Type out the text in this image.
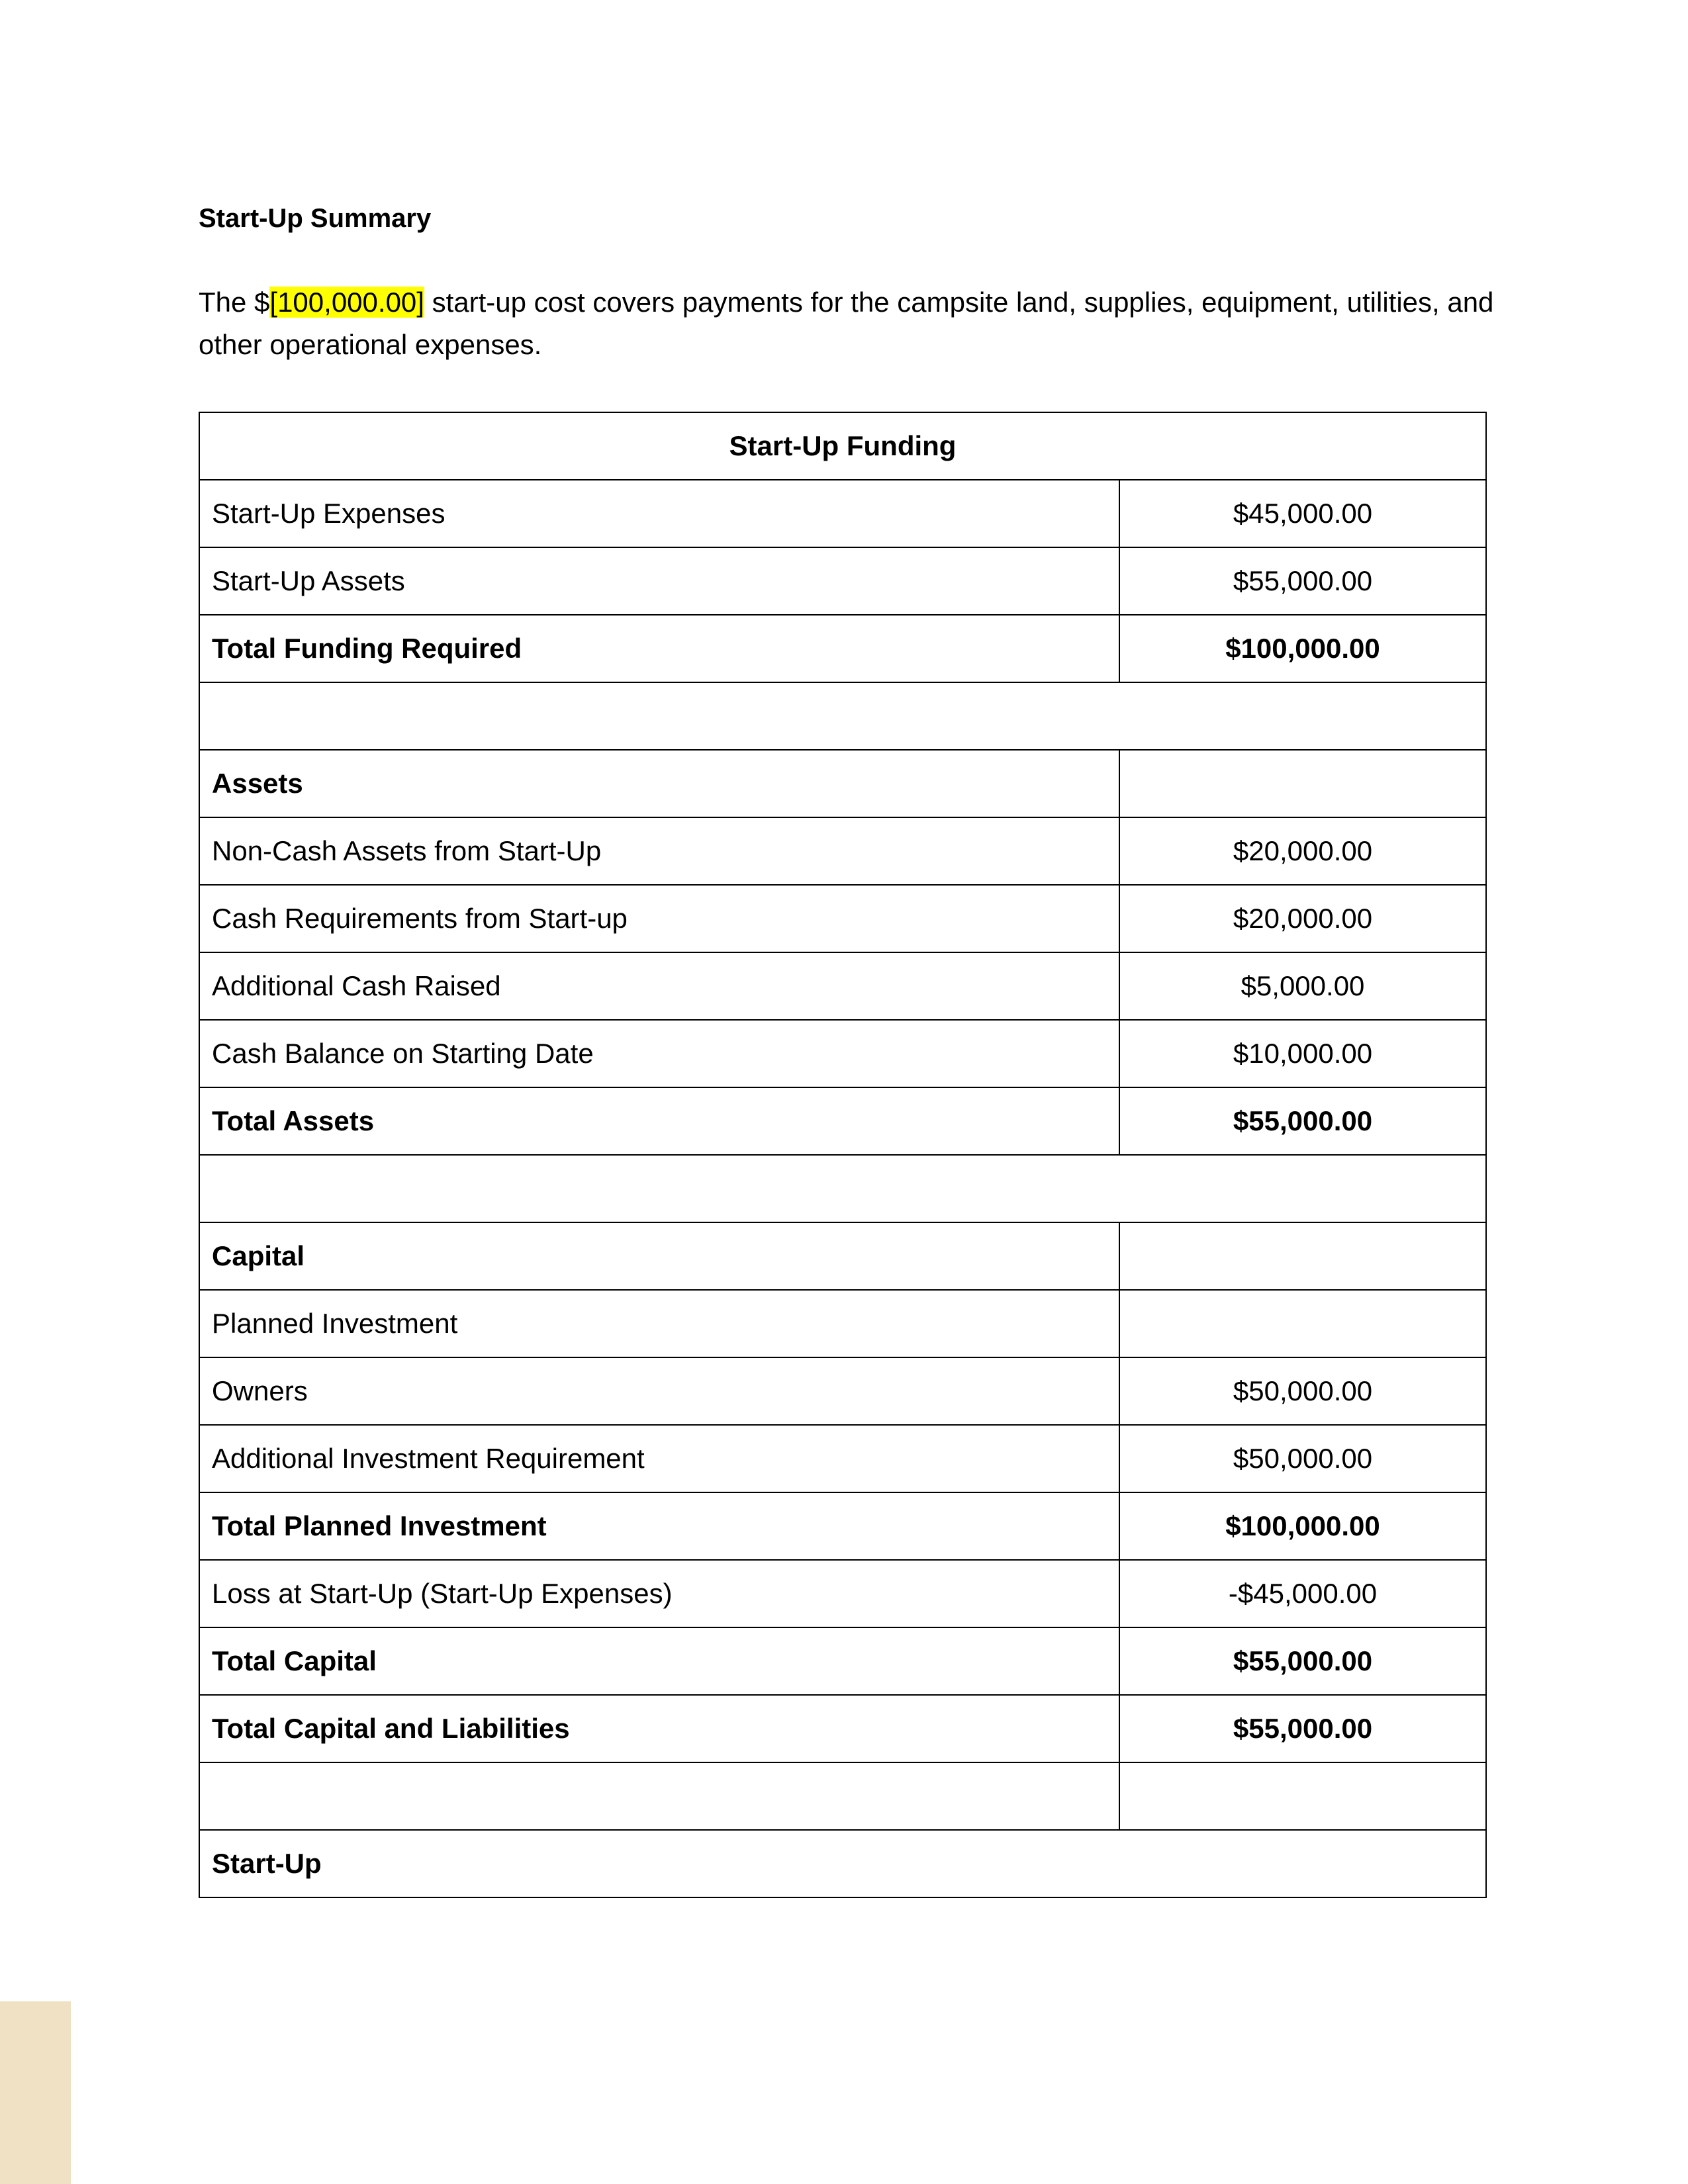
Start-Up Summary

The $[100,000.00] start-up cost covers payments for the campsite land, supplies, equipment, utilities, and other operational expenses.

Start-Up Funding	
Start-Up Expenses	$45,000.00
Start-Up Assets	$55,000.00
Total Funding Required	$100,000.00

Assets	
Non-Cash Assets from Start-Up	$20,000.00
Cash Requirements from Start-up	$20,000.00
Additional Cash Raised	$5,000.00
Cash Balance on Starting Date	$10,000.00
Total Assets	$55,000.00

Capital	
Planned Investment	
Owners	$50,000.00
Additional Investment Requirement	$50,000.00
Total Planned Investment	$100,000.00
Loss at Start-Up (Start-Up Expenses)	-$45,000.00
Total Capital	$55,000.00
Total Capital and Liabilities	$55,000.00

Start-Up	
